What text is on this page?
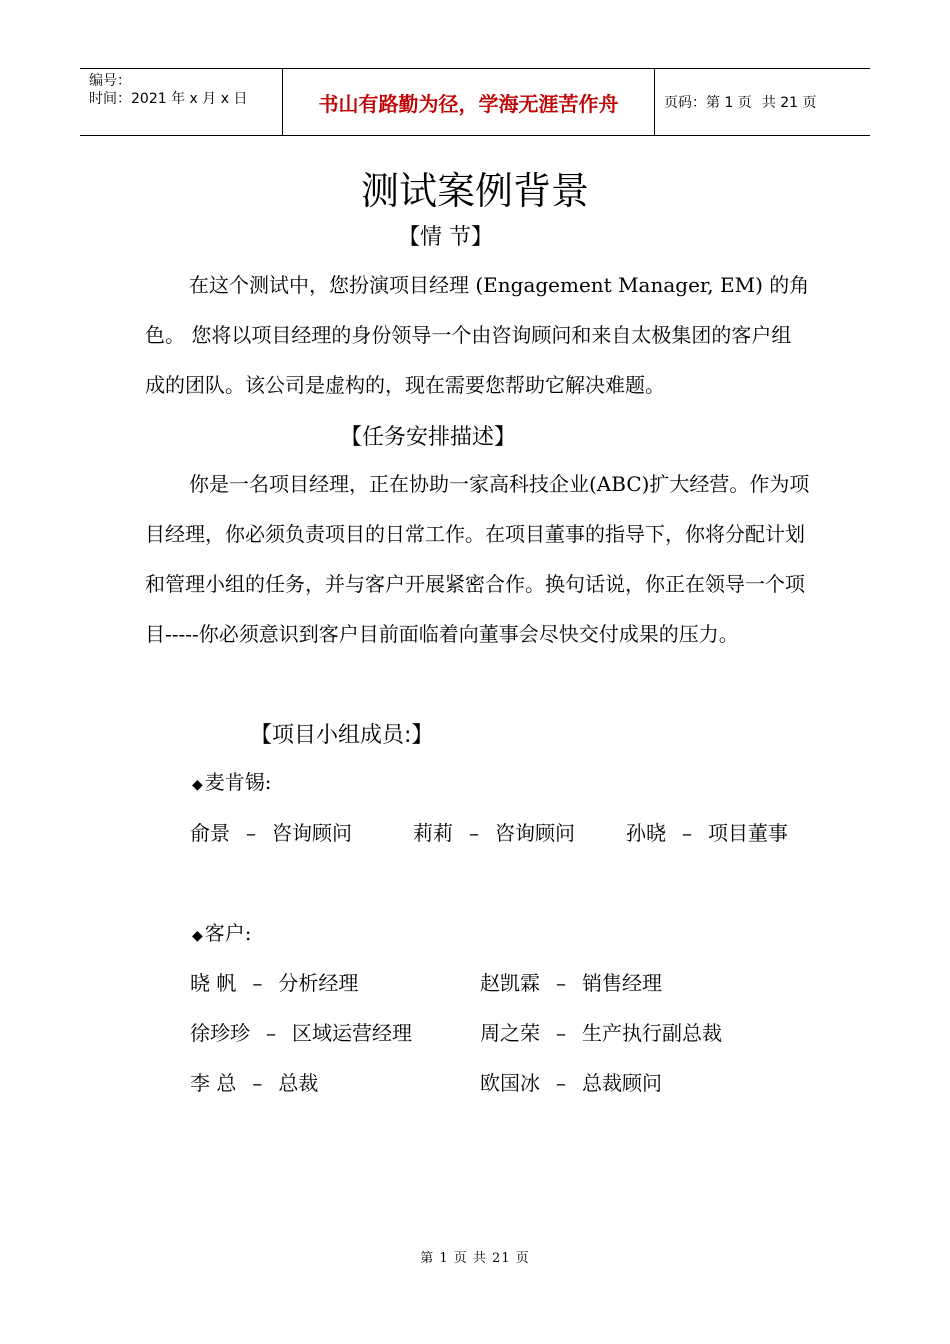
编号：
时间：2021 年 x 月 x 日	书山有路勤为径，学海无涯苦作舟	页码：第 1 页 共 21 页
测试案例背景
【情 节】

在这个测试中，您扮演项目经理 (Engagement Manager, EM) 的角色。 您将以项目经理的身份领导一个由咨询顾问和来自太极集团的客户组成的团队。该公司是虚构的，现在需要您帮助它解决难题。

【任务安排描述】

你是一名项目经理，正在协助一家高科技企业(ABC)扩大经营。作为项目经理，你必须负责项目的日常工作。在项目董事的指导下，你将分配计划和管理小组的任务，并与客户开展紧密合作。换句话说，你正在领导一个项目-----你必须意识到客户目前面临着向董事会尽快交付成果的压力。

【项目小组成员:】
◆ 麦肯锡:
俞景 – 咨询顾问	莉莉 – 咨询顾问	孙晓 – 项目董事
◆ 客户:
晓 帆 – 分析经理	赵凯霖 – 销售经理
徐珍珍 – 区域运营经理	周之荣 – 生产执行副总裁
李 总 – 总裁	欧国冰 – 总裁顾问
第 1 页 共 21 页
